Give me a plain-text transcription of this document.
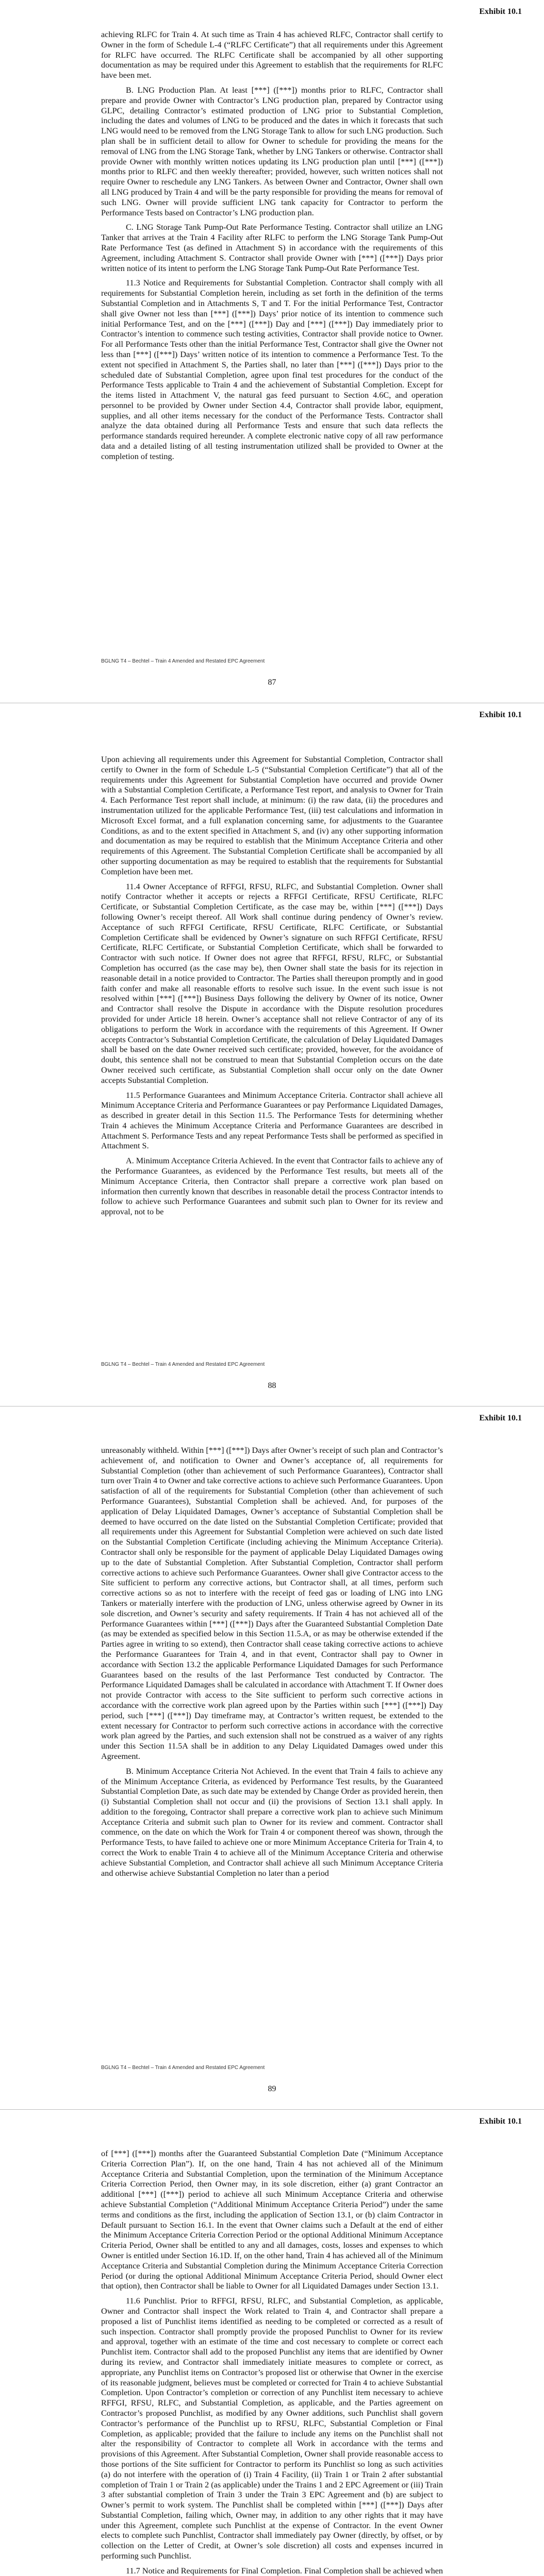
Exhibit 10.1

achieving RLFC for Train 4. At such time as Train 4 has achieved RLFC, Contractor shall certify to Owner in the form of Schedule L-4 (“RLFC Certificate”) that all requirements under this Agreement for RLFC have occurred. The RLFC Certificate shall be accompanied by all other supporting documentation as may be required under this Agreement to establish that the requirements for RLFC have been met.

B. LNG Production Plan. At least [***] ([***]) months prior to RLFC, Contractor shall prepare and provide Owner with Contractor’s LNG production plan, prepared by Contractor using GLPC, detailing Contractor’s estimated production of LNG prior to Substantial Completion, including the dates and volumes of LNG to be produced and the dates in which it forecasts that such LNG would need to be removed from the LNG Storage Tank to allow for such LNG production. Such plan shall be in sufficient detail to allow for Owner to schedule for providing the means for the removal of LNG from the LNG Storage Tank, whether by LNG Tankers or otherwise. Contractor shall provide Owner with monthly written notices updating its LNG production plan until [***] ([***]) months prior to RLFC and then weekly thereafter; provided, however, such written notices shall not require Owner to reschedule any LNG Tankers. As between Owner and Contractor, Owner shall own all LNG produced by Train 4 and will be the party responsible for providing the means for removal of such LNG. Owner will provide sufficient LNG tank capacity for Contractor to perform the Performance Tests based on Contractor’s LNG production plan.

C. LNG Storage Tank Pump-Out Rate Performance Testing. Contractor shall utilize an LNG Tanker that arrives at the Train 4 Facility after RLFC to perform the LNG Storage Tank Pump-Out Rate Performance Test (as defined in Attachment S) in accordance with the requirements of this Agreement, including Attachment S. Contractor shall provide Owner with [***] ([***]) Days prior written notice of its intent to perform the LNG Storage Tank Pump-Out Rate Performance Test.

11.3 Notice and Requirements for Substantial Completion. Contractor shall comply with all requirements for Substantial Completion herein, including as set forth in the definition of the terms Substantial Completion and in Attachments S, T and T. For the initial Performance Test, Contractor shall give Owner not less than [***] ([***]) Days’ prior notice of its intention to commence such initial Performance Test, and on the [***] ([***]) Day and [***] ([***]) Day immediately prior to Contractor’s intention to commence such testing activities, Contractor shall provide notice to Owner. For all Performance Tests other than the initial Performance Test, Contractor shall give the Owner not less than [***] ([***]) Days’ written notice of its intention to commence a Performance Test. To the extent not specified in Attachment S, the Parties shall, no later than [***] ([***]) Days prior to the scheduled date of Substantial Completion, agree upon final test procedures for the conduct of the Performance Tests applicable to Train 4 and the achievement of Substantial Completion. Except for the items listed in Attachment V, the natural gas feed pursuant to Section 4.6C, and operation personnel to be provided by Owner under Section 4.4, Contractor shall provide labor, equipment, supplies, and all other items necessary for the conduct of the Performance Tests. Contractor shall analyze the data obtained during all Performance Tests and ensure that such data reflects the performance standards required hereunder. A complete electronic native copy of all raw performance data and a detailed listing of all testing instrumentation utilized shall be provided to Owner at the completion of testing.

BGLNG T4 – Bechtel – Train 4 Amended and Restated EPC Agreement
87
Exhibit 10.1

Upon achieving all requirements under this Agreement for Substantial Completion, Contractor shall certify to Owner in the form of Schedule L-5 (“Substantial Completion Certificate”) that all of the requirements under this Agreement for Substantial Completion have occurred and provide Owner with a Substantial Completion Certificate, a Performance Test report, and analysis to Owner for Train 4. Each Performance Test report shall include, at minimum: (i) the raw data, (ii) the procedures and instrumentation utilized for the applicable Performance Test, (iii) test calculations and information in Microsoft Excel format, and a full explanation concerning same, for adjustments to the Guarantee Conditions, as and to the extent specified in Attachment S, and (iv) any other supporting information and documentation as may be required to establish that the Minimum Acceptance Criteria and other requirements of this Agreement. The Substantial Completion Certificate shall be accompanied by all other supporting documentation as may be required to establish that the requirements for Substantial Completion have been met.

11.4 Owner Acceptance of RFFGI, RFSU, RLFC, and Substantial Completion. Owner shall notify Contractor whether it accepts or rejects a RFFGI Certificate, RFSU Certificate, RLFC Certificate, or Substantial Completion Certificate, as the case may be, within [***] ([***]) Days following Owner’s receipt thereof. All Work shall continue during pendency of Owner’s review. Acceptance of such RFFGI Certificate, RFSU Certificate, RLFC Certificate, or Substantial Completion Certificate shall be evidenced by Owner’s signature on such RFFGI Certificate, RFSU Certificate, RLFC Certificate, or Substantial Completion Certificate, which shall be forwarded to Contractor with such notice. If Owner does not agree that RFFGI, RFSU, RLFC, or Substantial Completion has occurred (as the case may be), then Owner shall state the basis for its rejection in reasonable detail in a notice provided to Contractor. The Parties shall thereupon promptly and in good faith confer and make all reasonable efforts to resolve such issue. In the event such issue is not resolved within [***] ([***]) Business Days following the delivery by Owner of its notice, Owner and Contractor shall resolve the Dispute in accordance with the Dispute resolution procedures provided for under Article 18 herein. Owner’s acceptance shall not relieve Contractor of any of its obligations to perform the Work in accordance with the requirements of this Agreement. If Owner accepts Contractor’s Substantial Completion Certificate, the calculation of Delay Liquidated Damages shall be based on the date Owner received such certificate; provided, however, for the avoidance of doubt, this sentence shall not be construed to mean that Substantial Completion occurs on the date Owner received such certificate, as Substantial Completion shall occur only on the date Owner accepts Substantial Completion.

11.5 Performance Guarantees and Minimum Acceptance Criteria. Contractor shall achieve all Minimum Acceptance Criteria and Performance Guarantees or pay Performance Liquidated Damages, as described in greater detail in this Section 11.5. The Performance Tests for determining whether Train 4 achieves the Minimum Acceptance Criteria and Performance Guarantees are described in Attachment S. Performance Tests and any repeat Performance Tests shall be performed as specified in Attachment S.

A. Minimum Acceptance Criteria Achieved. In the event that Contractor fails to achieve any of the Performance Guarantees, as evidenced by the Performance Test results, but meets all of the Minimum Acceptance Criteria, then Contractor shall prepare a corrective work plan based on information then currently known that describes in reasonable detail the process Contractor intends to follow to achieve such Performance Guarantees and submit such plan to Owner for its review and approval, not to be

BGLNG T4 – Bechtel – Train 4 Amended and Restated EPC Agreement
88
Exhibit 10.1

unreasonably withheld. Within [***] ([***]) Days after Owner’s receipt of such plan and Contractor’s achievement of, and notification to Owner and Owner’s acceptance of, all requirements for Substantial Completion (other than achievement of such Performance Guarantees), Contractor shall turn over Train 4 to Owner and take corrective actions to achieve such Performance Guarantees. Upon satisfaction of all of the requirements for Substantial Completion (other than achievement of such Performance Guarantees), Substantial Completion shall be achieved. And, for purposes of the application of Delay Liquidated Damages, Owner’s acceptance of Substantial Completion shall be deemed to have occurred on the date listed on the Substantial Completion Certificate; provided that all requirements under this Agreement for Substantial Completion were achieved on such date listed on the Substantial Completion Certificate (including achieving the Minimum Acceptance Criteria). Contractor shall only be responsible for the payment of applicable Delay Liquidated Damages owing up to the date of Substantial Completion. After Substantial Completion, Contractor shall perform corrective actions to achieve such Performance Guarantees. Owner shall give Contractor access to the Site sufficient to perform any corrective actions, but Contractor shall, at all times, perform such corrective actions so as not to interfere with the receipt of feed gas or loading of LNG into LNG Tankers or materially interfere with the production of LNG, unless otherwise agreed by Owner in its sole discretion, and Owner’s security and safety requirements. If Train 4 has not achieved all of the Performance Guarantees within [***] ([***]) Days after the Guaranteed Substantial Completion Date (as may be extended as specified below in this Section 11.5.A, or as may be otherwise extended if the Parties agree in writing to so extend), then Contractor shall cease taking corrective actions to achieve the Performance Guarantees for Train 4, and in that event, Contractor shall pay to Owner in accordance with Section 13.2 the applicable Performance Liquidated Damages for such Performance Guarantees based on the results of the last Performance Test conducted by Contractor. The Performance Liquidated Damages shall be calculated in accordance with Attachment T. If Owner does not provide Contractor with access to the Site sufficient to perform such corrective actions in accordance with the corrective work plan agreed upon by the Parties within such [***] ([***]) Day period, such [***] ([***]) Day timeframe may, at Contractor’s written request, be extended to the extent necessary for Contractor to perform such corrective actions in accordance with the corrective work plan agreed by the Parties, and such extension shall not be construed as a waiver of any rights under this Section 11.5A shall be in addition to any Delay Liquidated Damages owed under this Agreement.

B. Minimum Acceptance Criteria Not Achieved. In the event that Train 4 fails to achieve any of the Minimum Acceptance Criteria, as evidenced by Performance Test results, by the Guaranteed Substantial Completion Date, as such date may be extended by Change Order as provided herein, then (i) Substantial Completion shall not occur and (ii) the provisions of Section 13.1 shall apply. In addition to the foregoing, Contractor shall prepare a corrective work plan to achieve such Minimum Acceptance Criteria and submit such plan to Owner for its review and comment. Contractor shall commence, on the date on which the Work for Train 4 or component thereof was shown, through the Performance Tests, to have failed to achieve one or more Minimum Acceptance Criteria for Train 4, to correct the Work to enable Train 4 to achieve all of the Minimum Acceptance Criteria and otherwise achieve Substantial Completion, and Contractor shall achieve all such Minimum Acceptance Criteria and otherwise achieve Substantial Completion no later than a period

BGLNG T4 – Bechtel – Train 4 Amended and Restated EPC Agreement
89
Exhibit 10.1

of [***] ([***]) months after the Guaranteed Substantial Completion Date (“Minimum Acceptance Criteria Correction Plan”). If, on the one hand, Train 4 has not achieved all of the Minimum Acceptance Criteria and Substantial Completion, upon the termination of the Minimum Acceptance Criteria Correction Period, then Owner may, in its sole discretion, either (a) grant Contractor an additional [***] ([***]) period to achieve all such Minimum Acceptance Criteria and otherwise achieve Substantial Completion (“Additional Minimum Acceptance Criteria Period”) under the same terms and conditions as the first, including the application of Section 13.1, or (b) claim Contractor in Default pursuant to Section 16.1. In the event that Owner claims such a Default at the end of either the Minimum Acceptance Criteria Correction Period or the optional Additional Minimum Acceptance Criteria Period, Owner shall be entitled to any and all damages, costs, losses and expenses to which Owner is entitled under Section 16.1D. If, on the other hand, Train 4 has achieved all of the Minimum Acceptance Criteria and Substantial Completion during the Minimum Acceptance Criteria Correction Period (or during the optional Additional Minimum Acceptance Criteria Period, should Owner elect that option), then Contractor shall be liable to Owner for all Liquidated Damages under Section 13.1.

11.6 Punchlist. Prior to RFFGI, RFSU, RLFC, and Substantial Completion, as applicable, Owner and Contractor shall inspect the Work related to Train 4, and Contractor shall prepare a proposed a list of Punchlist items identified as needing to be completed or corrected as a result of such inspection. Contractor shall promptly provide the proposed Punchlist to Owner for its review and approval, together with an estimate of the time and cost necessary to complete or correct each Punchlist item. Contractor shall add to the proposed Punchlist any items that are identified by Owner during its review, and Contractor shall immediately initiate measures to complete or correct, as appropriate, any Punchlist items on Contractor’s proposed list or otherwise that Owner in the exercise of its reasonable judgment, believes must be completed or corrected for Train 4 to achieve Substantial Completion. Upon Contractor’s completion or correction of any Punchlist item necessary to achieve RFFGI, RFSU, RLFC, and Substantial Completion, as applicable, and the Parties agreement on Contractor’s proposed Punchlist, as modified by any Owner additions, such Punchlist shall govern Contractor’s performance of the Punchlist up to RFSU, RLFC, Substantial Completion or Final Completion, as applicable; provided that the failure to include any items on the Punchlist shall not alter the responsibility of Contractor to complete all Work in accordance with the terms and provisions of this Agreement. After Substantial Completion, Owner shall provide reasonable access to those portions of the Site sufficient for Contractor to perform its Punchlist so long as such activities (a) do not interfere with the operation of (i) Train 4 Facility, (ii) Train 1 or Train 2 after substantial completion of Train 1 or Train 2 (as applicable) under the Trains 1 and 2 EPC Agreement or (iii) Train 3 after substantial completion of Train 3 under the Train 3 EPC Agreement and (b) are subject to Owner’s permit to work system. The Punchlist shall be completed within [***] ([***]) Days after Substantial Completion, failing which, Owner may, in addition to any other rights that it may have under this Agreement, complete such Punchlist at the expense of Contractor. In the event Owner elects to complete such Punchlist, Contractor shall immediately pay Owner (directly, by offset, or by collection on the Letter of Credit, at Owner’s sole discretion) all costs and expenses incurred in performing such Punchlist.

11.7 Notice and Requirements for Final Completion. Final Completion shall be achieved when
